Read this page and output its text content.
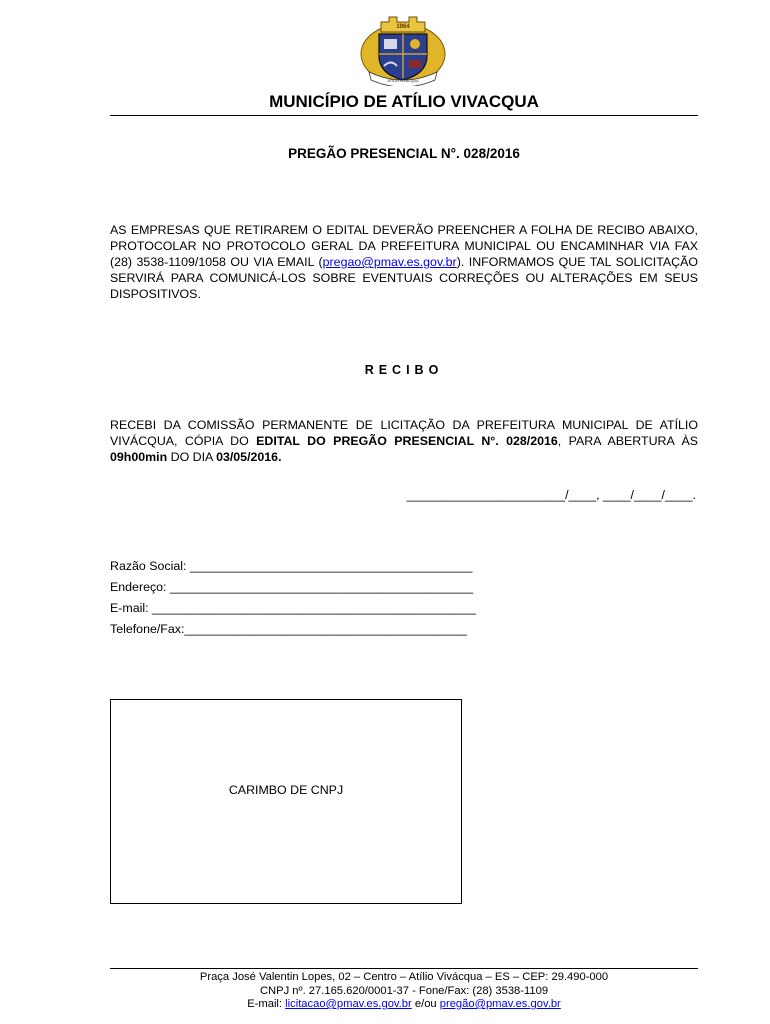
1964
ÁTILIO VIVÁCQUA
MUNICÍPIO DE ATÍLIO VIVACQUA
PREGÃO PRESENCIAL N°. 028/2016
AS EMPRESAS QUE RETIRAREM O EDITAL DEVERÃO PREENCHER A FOLHA DE RECIBO ABAIXO, PROTOCOLAR NO PROTOCOLO GERAL DA PREFEITURA MUNICIPAL OU ENCAMINHAR VIA FAX (28) 3538-1109/1058 OU VIA EMAIL (pregao@pmav.es.gov.br). INFORMAMOS QUE TAL SOLICITAÇÃO SERVIRÁ PARA COMUNICÁ-LOS SOBRE EVENTUAIS CORREÇÕES OU ALTERAÇÕES EM SEUS DISPOSITIVOS.
RECIBO
RECEBI DA COMISSÃO PERMANENTE DE LICITAÇÃO DA PREFEITURA MUNICIPAL DE ATÍLIO VIVÁCQUA, CÓPIA DO EDITAL DO PREGÃO PRESENCIAL N°. 028/2016, PARA ABERTURA ÀS 09h00min DO DIA 03/05/2016.
_______________________/____, ____/____/____.
Razão Social: _________________________________________
Endereço: ____________________________________________
E-mail: _______________________________________________
Telefone/Fax:_________________________________________
CARIMBO DE CNPJ
Praça José Valentin Lopes, 02 – Centro – Atílio Vivácqua – ES – CEP: 29.490-000
CNPJ nº. 27.165.620/0001-37 - Fone/Fax: (28) 3538-1109
E-mail: licitacao@pmav.es.gov.br e/ou pregão@pmav.es.gov.br
